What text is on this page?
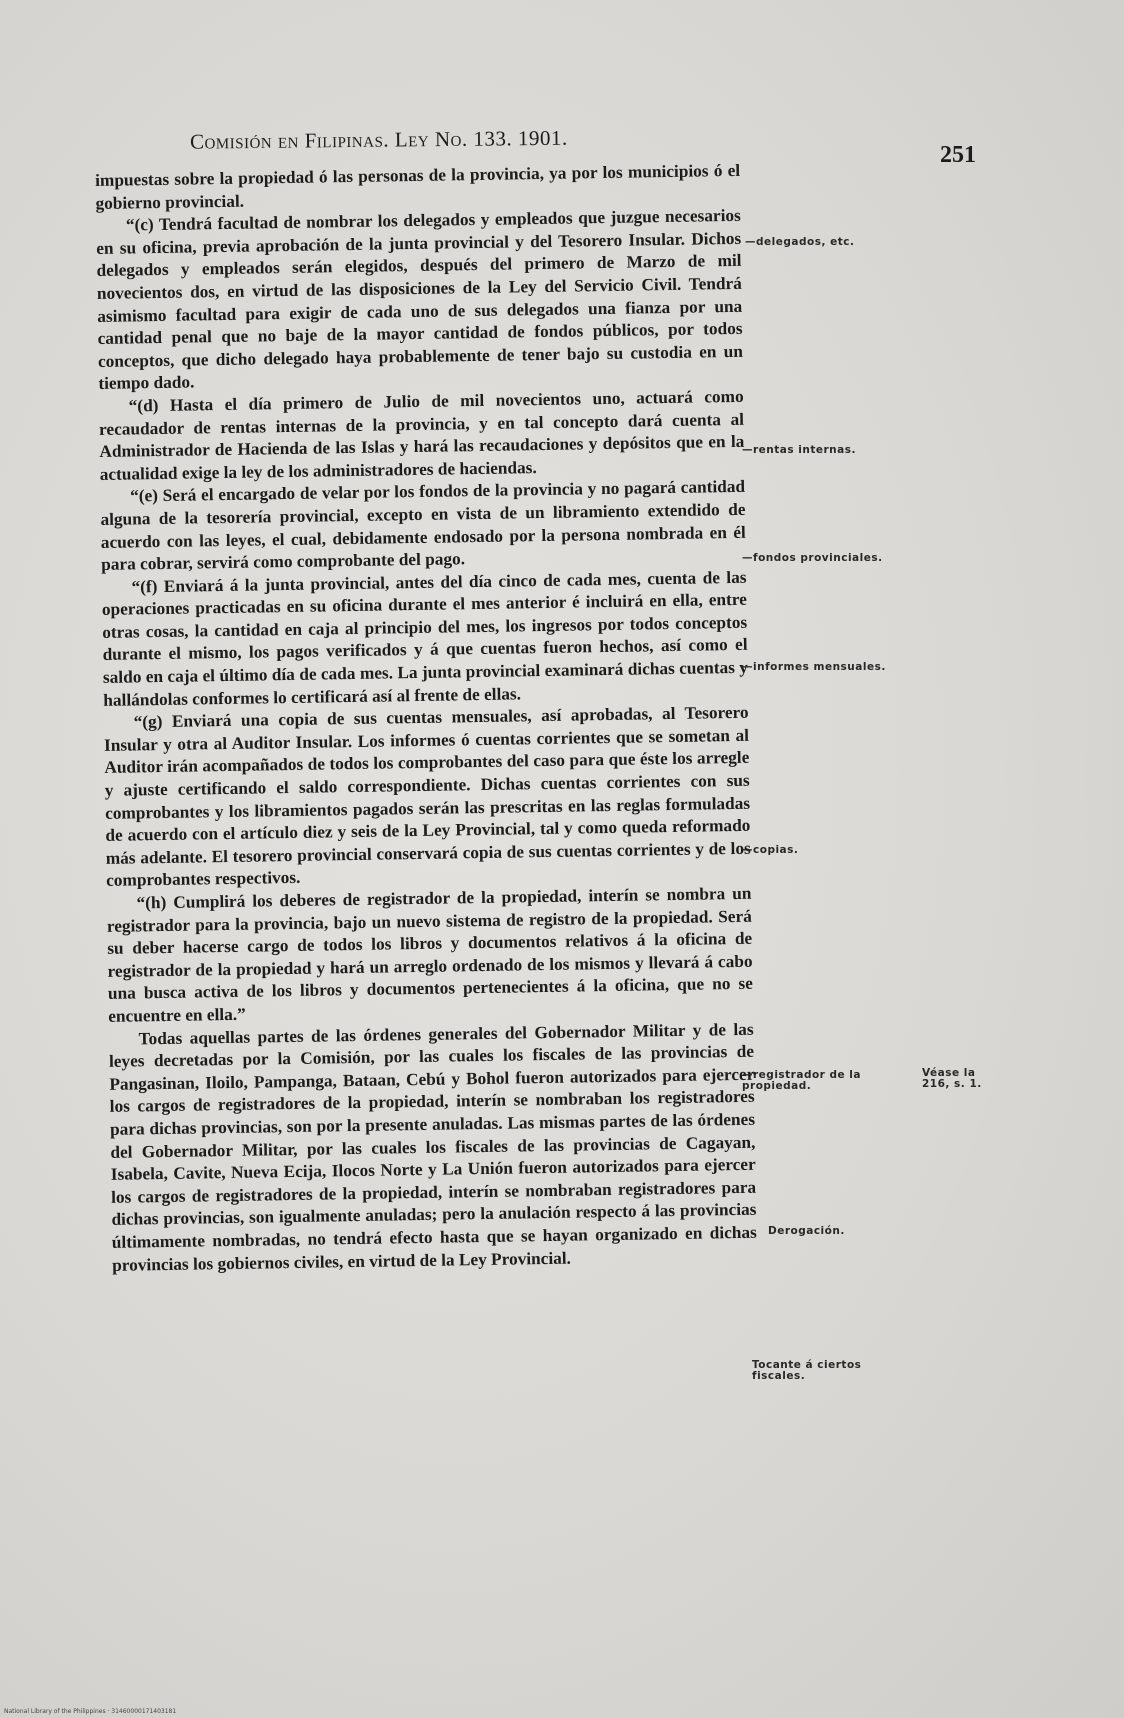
Comisión en Filipinas. Ley No. 133. 1901.
251

impuestas sobre la propiedad ó las personas de la provincia, ya por los municipios ó el gobierno provincial.

“(c) Tendrá facultad de nombrar los delegados y empleados que juzgue necesarios en su oficina, previa aprobación de la junta provincial y del Tesorero Insular. Dichos delegados y empleados serán elegidos, después del primero de Marzo de mil novecientos dos, en virtud de las disposiciones de la Ley del Servicio Civil. Tendrá asimismo facultad para exigir de cada uno de sus delegados una fianza por una cantidad penal que no baje de la mayor cantidad de fondos públicos, por todos conceptos, que dicho delegado haya probablemente de tener bajo su custodia en un tiempo dado.

“(d) Hasta el día primero de Julio de mil novecientos uno, actuará como recaudador de rentas internas de la provincia, y en tal concepto dará cuenta al Administrador de Hacienda de las Islas y hará las recaudaciones y depósitos que en la actualidad exige la ley de los administradores de haciendas.

“(e) Será el encargado de velar por los fondos de la provincia y no pagará cantidad alguna de la tesorería provincial, excepto en vista de un libramiento extendido de acuerdo con las leyes, el cual, debidamente endosado por la persona nombrada en él para cobrar, servirá como comprobante del pago.

“(f) Enviará á la junta provincial, antes del día cinco de cada mes, cuenta de las operaciones practicadas en su oficina durante el mes anterior é incluirá en ella, entre otras cosas, la cantidad en caja al principio del mes, los ingresos por todos conceptos durante el mismo, los pagos verificados y á que cuentas fueron hechos, así como el saldo en caja el último día de cada mes. La junta provincial examinará dichas cuentas y hallándolas conformes lo certificará así al frente de ellas.

“(g) Enviará una copia de sus cuentas mensuales, así aprobadas, al Tesorero Insular y otra al Auditor Insular. Los informes ó cuentas corrientes que se sometan al Auditor irán acompañados de todos los comprobantes del caso para que éste los arregle y ajuste certificando el saldo correspondiente. Dichas cuentas corrientes con sus comprobantes y los libramientos pagados serán las prescritas en las reglas formuladas de acuerdo con el artículo diez y seis de la Ley Provincial, tal y como queda reformado más adelante. El tesorero provincial conservará copia de sus cuentas corrientes y de los comprobantes respectivos.

“(h) Cumplirá los deberes de registrador de la propiedad, interín se nombra un registrador para la provincia, bajo un nuevo sistema de registro de la propiedad. Será su deber hacerse cargo de todos los libros y documentos relativos á la oficina de registrador de la propiedad y hará un arreglo ordenado de los mismos y llevará á cabo una busca activa de los libros y documentos pertenecientes á la oficina, que no se encuentre en ella.”

Todas aquellas partes de las órdenes generales del Gobernador Militar y de las leyes decretadas por la Comisión, por las cuales los fiscales de las provincias de Pangasinan, Iloilo, Pampanga, Bataan, Cebú y Bohol fueron autorizados para ejercer los cargos de registradores de la propiedad, interín se nombraban los registradores para dichas provincias, son por la presente anuladas. Las mismas partes de las órdenes del Gobernador Militar, por las cuales los fiscales de las provincias de Cagayan, Isabela, Cavite, Nueva Ecija, Ilocos Norte y La Unión fueron autorizados para ejercer los cargos de registradores de la propiedad, interín se nombraban registradores para dichas provincias, son igualmente anuladas; pero la anulación respecto á las provincias últimamente nombradas, no tendrá efecto hasta que se hayan organizado en dichas provincias los gobiernos civiles, en virtud de la Ley Provincial.

—delegados, etc.
—rentas internas.
—fondos provinciales.
—informes mensuales.
—copias.
—registrador de la propiedad.
Véase la 216, s. 1.
Derogación.
Tocante á ciertos fiscales.
National Library of the Philippines · 31460000171403181
